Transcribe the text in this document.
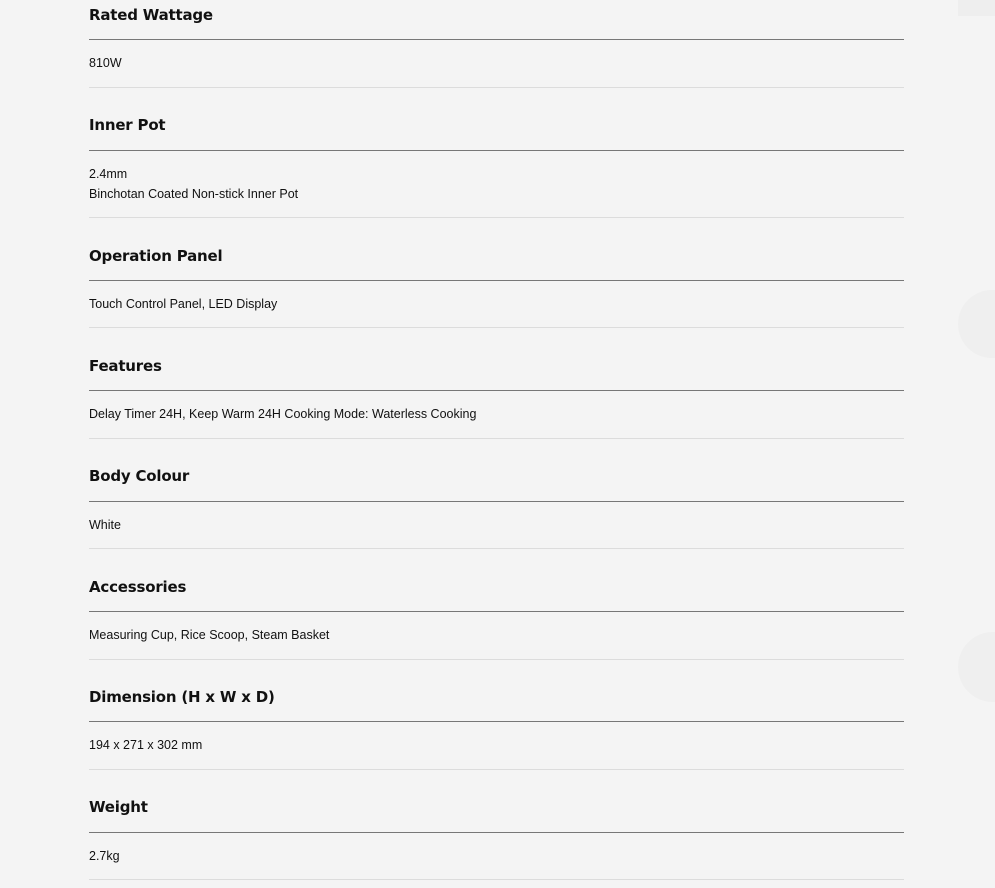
Rated Wattage
810W
Inner Pot
2.4mm
Binchotan Coated Non-stick Inner Pot
Operation Panel
Touch Control Panel, LED Display
Features
Delay Timer 24H, Keep Warm 24H Cooking Mode: Waterless Cooking
Body Colour
White
Accessories
Measuring Cup, Rice Scoop, Steam Basket
Dimension (H x W x D)
194 x 271 x 302 mm
Weight
2.7kg
